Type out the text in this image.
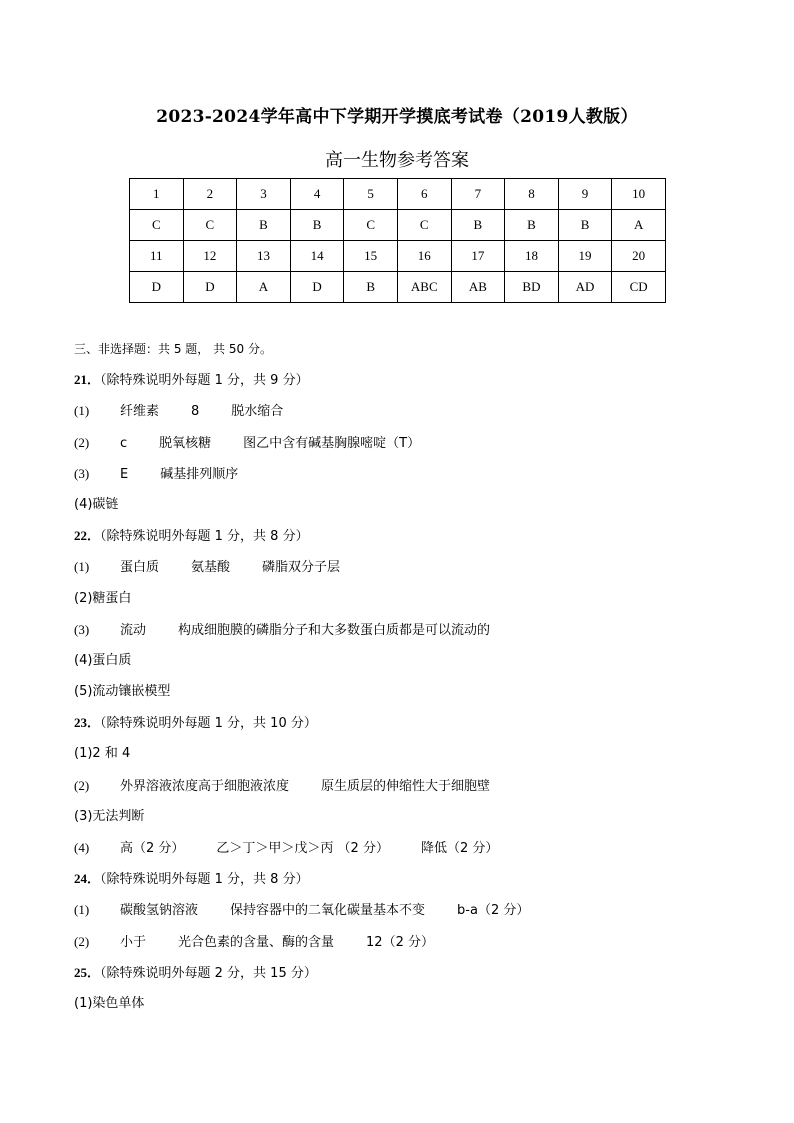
2023-2024学年高中下学期开学摸底考试卷（2019人教版）
高一生物参考答案
1	2	3	4	5	6	7	8	9	10
C	C	B	B	C	C	B	B	B	A
11	12	13	14	15	16	17	18	19	20
D	D	A	D	B	ABC	AB	BD	AD	CD
三、非选择题：共 5 题， 共 50 分。
21．（除特殊说明外每题 1 分，共 9 分）
(1) 纤维素 8 脱水缩合
(2) c 脱氧核糖 图乙中含有碱基胸腺嘧啶（T）
(3) E 碱基排列顺序
(4)碳链
22．（除特殊说明外每题 1 分，共 8 分）
(1) 蛋白质 氨基酸 磷脂双分子层
(2)糖蛋白
(3) 流动 构成细胞膜的磷脂分子和大多数蛋白质都是可以流动的
(4)蛋白质
(5)流动镶嵌模型
23．（除特殊说明外每题 1 分，共 10 分）
(1)2 和 4
(2) 外界溶液浓度高于细胞液浓度 原生质层的伸缩性大于细胞壁
(3)无法判断
(4) 高（2 分） 乙＞丁＞甲＞戊＞丙 （2 分） 降低（2 分）
24．（除特殊说明外每题 1 分，共 8 分）
(1) 碳酸氢钠溶液 保持容器中的二氧化碳量基本不变 b-a（2 分）
(2) 小于 光合色素的含量、酶的含量 12（2 分）
25．（除特殊说明外每题 2 分，共 15 分）
(1)染色单体
